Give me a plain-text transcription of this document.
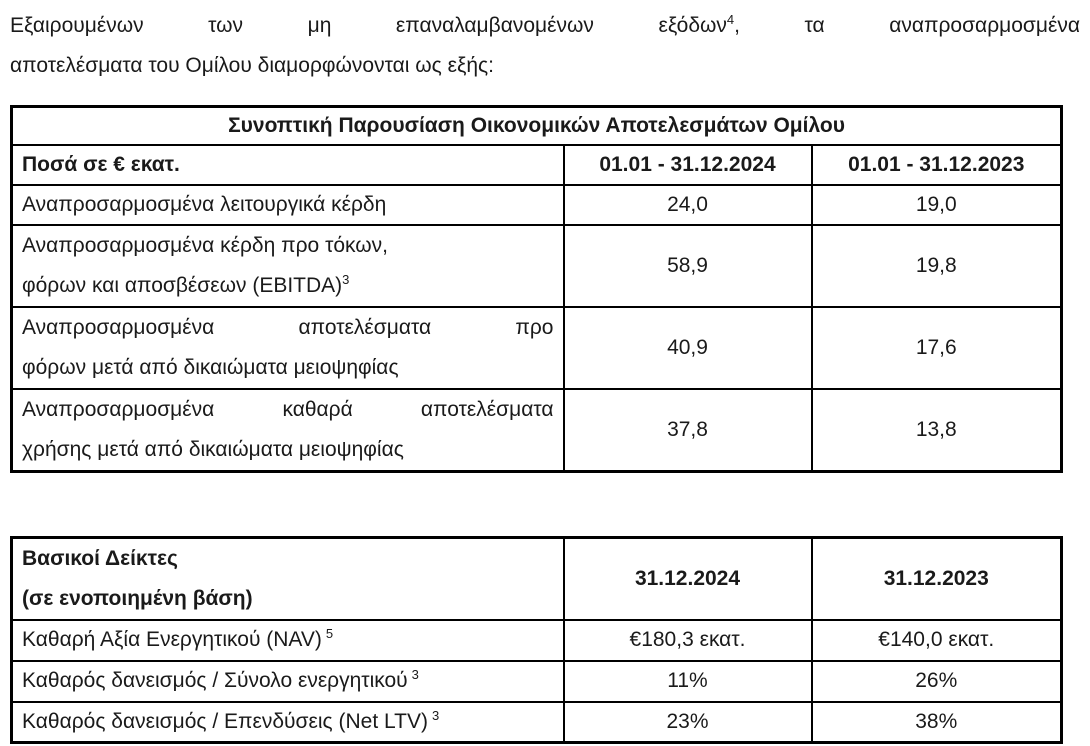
Εξαιρουμένων των μη επαναλαμβανομένων εξόδων$^4$, τα αναπροσαρμοσμένα
αποτελέσματα του Ομίλου διαμορφώνονται ως εξής:
Συνοπτική Παρουσίαση Οικονομικών Αποτελεσμάτων Ομίλου		
Ποσά σε € εκατ.	01.01 - 31.12.2024	01.01 - 31.12.2023
Αναπροσαρμοσμένα λειτουργικά κέρδη	24,0	19,0

Αναπροσαρμοσμένα κέρδη προ τόκων,
φόρων και αποσβέσεων (EBITDA)$^3$	58,9	19,8

Αναπροσαρμοσμένα αποτελέσματα προ
φόρων μετά από δικαιώματα μειοψηφίας	40,9	17,6

Αναπροσαρμοσμένα καθαρά αποτελέσματα
χρήσης μετά από δικαιώματα μειοψηφίας	37,8	13,8
Βασικοί Δείκτες
(σε ενοποιημένη βάση)	31.12.2024	31.12.2023
Καθαρή Αξία Ενεργητικού (NAV) $^5$	€180,3 εκατ.	€140,0 εκατ.
Καθαρός δανεισμός / Σύνολο ενεργητικού $^3$	11%	26%
Καθαρός δανεισμός / Επενδύσεις (Net LTV) $^3$	23%	38%
